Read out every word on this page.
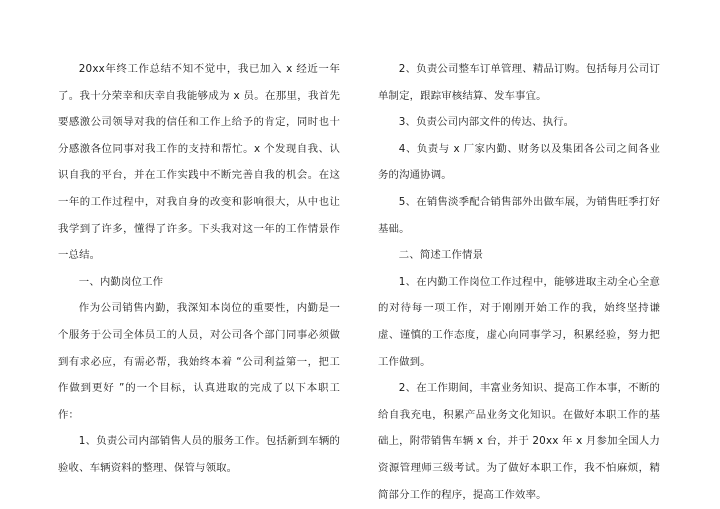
20xx年终工作总结不知不觉中，我已加入 x 经近一年了。我十分荣幸和庆幸自我能够成为 x 员。在那里，我首先要感激公司领导对我的信任和工作上给予的肯定，同时也十分感激各位同事对我工作的支持和帮忙。x 个发现自我、认识自我的平台，并在工作实践中不断完善自我的机会。在这一年的工作过程中，对我自身的改变和影响很大，从中也让我学到了许多，懂得了许多。下头我对这一年的工作情景作一总结。

一、内勤岗位工作

作为公司销售内勤，我深知本岗位的重要性，内勤是一个服务于公司全体员工的人员，对公司各个部门同事必须做到有求必应，有需必帮，我始终本着 “公司利益第一，把工作做到更好 ”的一个目标，认真进取的完成了以下本职工作：

1、负责公司内部销售人员的服务工作。包括新到车辆的验收、车辆资料的整理、保管与领取。

2、负责公司整车订单管理、精品订购。包括每月公司订单制定，跟踪审核结算、发车事宜。

3、负责公司内部文件的传达、执行。

4、负责与 x 厂家内勤、财务以及集团各公司之间各业务的沟通协调。

5、在销售淡季配合销售部外出做车展，为销售旺季打好基础。

二、简述工作情景

1、在内勤工作岗位工作过程中，能够进取主动全心全意的对待每一项工作，对于刚刚开始工作的我，始终坚持谦虚、谨慎的工作态度，虚心向同事学习，积累经验，努力把工作做到。

2、在工作期间，丰富业务知识、提高工作本事，不断的给自我充电，积累产品业务文化知识。在做好本职工作的基础上，附带销售车辆 x 台，并于 20xx 年 x 月参加全国人力资源管理师三级考试。为了做好本职工作，我不怕麻烦，精简部分工作的程序，提高工作效率。
